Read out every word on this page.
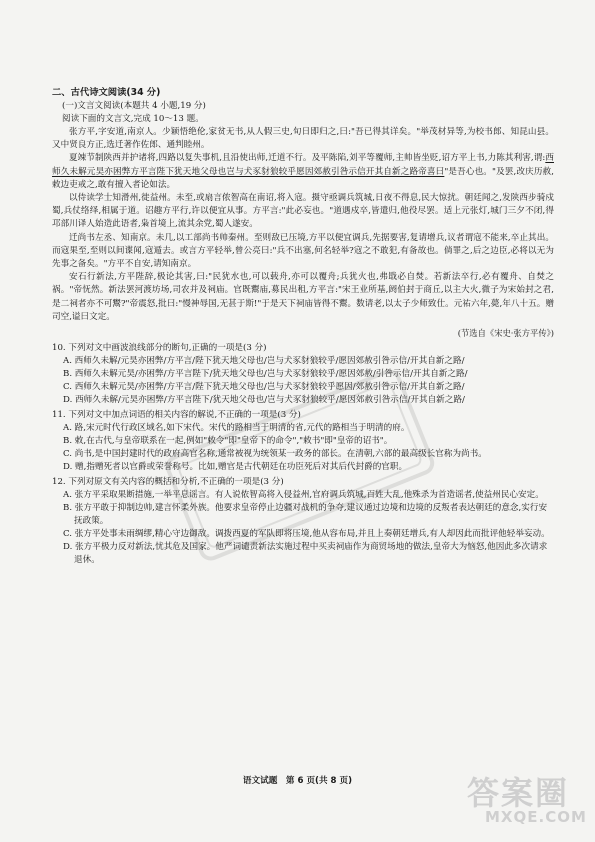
二、古代诗文阅读(34 分)
(一)文言文阅读(本题共 4 小题,19 分)
阅读下面的文言文,完成 10～13 题。

张方平,字安道,南京人。少颖悟绝伦,家贫无书,从人假三史,旬日即归之,曰:"吾已得其详矣。"举茂材异等,为校书郎、知昆山县。又中贤良方正,选迁著作佐郎、通判睦州。

夏竦节制陕西并护诸将,四路以复失事机,且沿使出师,迁道不行。及平陈陷,刘平等覆师,主帅皆坐贬,诏方平上书,力陈其利害,谓:西师久未解元昊亦困弊方平言陛下犹天地父母也岂与犬豕豺狼较乎愿因郊赦引咎示信开其自新之路帝喜曰"是吾心也。"及罢,改庆历赦,敕边吏戒之,敢有擅入者论如法。

以侍读学士知滑州,徙益州。未至,或扇言侬智高在南诏,将入寇。摄守亟调兵筑城,日夜不得息,民大惊扰。朝廷闻之,发陕西步骑戍蜀,兵仗络绎,相属于道。诏趣方平行,许以便宜从事。方平言:"此必妄也。"道遇戍卒,皆遣归,他役尽罢。适上元张灯,城门三夕不闭,得邛部川译人始造此语者,枭首境上,流其余党,蜀人遂安。

迁尚书左丞、知南京。未几,以工部尚书帅秦州。至则敌已压境,方平以便宜调兵,先据要害,复请增兵,议者谓寇不能来,卒止其出。而寇果至,至则以间谍闻,寇遁去。或言方平轻举,曾公亮曰:"兵不出塞,何名轻举?寇之不敢犯,有备故也。倘罪之,后之边臣,必将以无为先事之备矣。"方平不自安,请知南京。

安石行新法,方平陛辞,极论其害,曰:"民犹水也,可以载舟,亦可以覆舟;兵犹火也,弗戢必自焚。若新法卒行,必有覆舟、自焚之祸。"帝怃然。新法罢河渡坊场,司农并及祠庙。官既鬻庙,募民出租,方平言:"宋王业所基,阏伯封于商丘,以主大火,微子为宋始封之君,是二祠者亦不可鬻?"帝震怒,批曰:"慢神辱国,无甚于斯!"于是天下祠庙皆得不鬻。数请老,以太子少师致仕。元祐六年,薨,年八十五。赠司空,谥曰文定。

(节选自《宋史·张方平传》)
10. 下列对文中画波浪线部分的断句,正确的一项是(3 分)
A. 西师久未解/元昊亦困弊/方平言/陛下犹天地父母也/岂与犬豕豺狼较乎/愿因郊赦引咎示信/开其自新之路/
B. 西师久未解元昊/亦困弊/方平言陛下/犹天地父母也/岂与犬豕豺狼较乎/愿因郊赦/引咎示信/开其自新之路/
C. 西师久未解元昊/亦困弊/方平言/陛下犹天地父母也/岂与犬豕豺狼较乎愿因/郊赦引咎示信/开其自新之路/
D. 西师久未解/元昊亦困弊/方平言陛下/犹天地父母也/岂与犬豕豺狼较乎/愿因郊赦引咎示信/开其自新之路/
11. 下列对文中加点词语的相关内容的解说,不正确的一项是(3 分)
A. 路,宋元时代行政区域名,如下宋代。宋代的路相当于明清的省,元代的路相当于明清的府。
B. 敕,在古代,与皇帝联系在一起,例如"敕令"即"皇帝下的命令","敕书"即"皇帝的诏书"。
C. 尚书,是中国封建时代的政府高官名称,通常被视为统领某一政务的部长。在清朝,六部的最高级长官称为尚书。
D. 赠,指赠死者以官爵或荣誉称号。比如,赠官是古代朝廷在功臣死后对其后代封爵的官职。
12. 下列对原文有关内容的概括和分析,不正确的一项是(3 分)
A. 张方平采取果断措施,一举平息谣言。有人说侬智高将入侵益州,官府调兵筑城,百姓大乱,他殊杀为首造谣者,使益州民心安定。
B. 张方平敢于抑制边帅,建言怀柔外族。他要求皇帝停止边疆对战机的争夺,建议通过边境和边境的反叛者表达朝廷的意念,实行安抚政策。
C. 张方平处事未雨绸缪,精心守边御敌。调拨西夏的军队即将压境,他从容布局,并且上奏朝廷增兵,有人却因此而批评他轻举妄动。
D. 张方平极力反对新法,忧其危及国家。他严词谴责新法实施过程中买卖祠庙作为商贸场地的做法,皇帝大为恼怒,他因此多次请求退休。
语文试题　第 6 页(共 8 页)	答案圈
MXQE.COM
